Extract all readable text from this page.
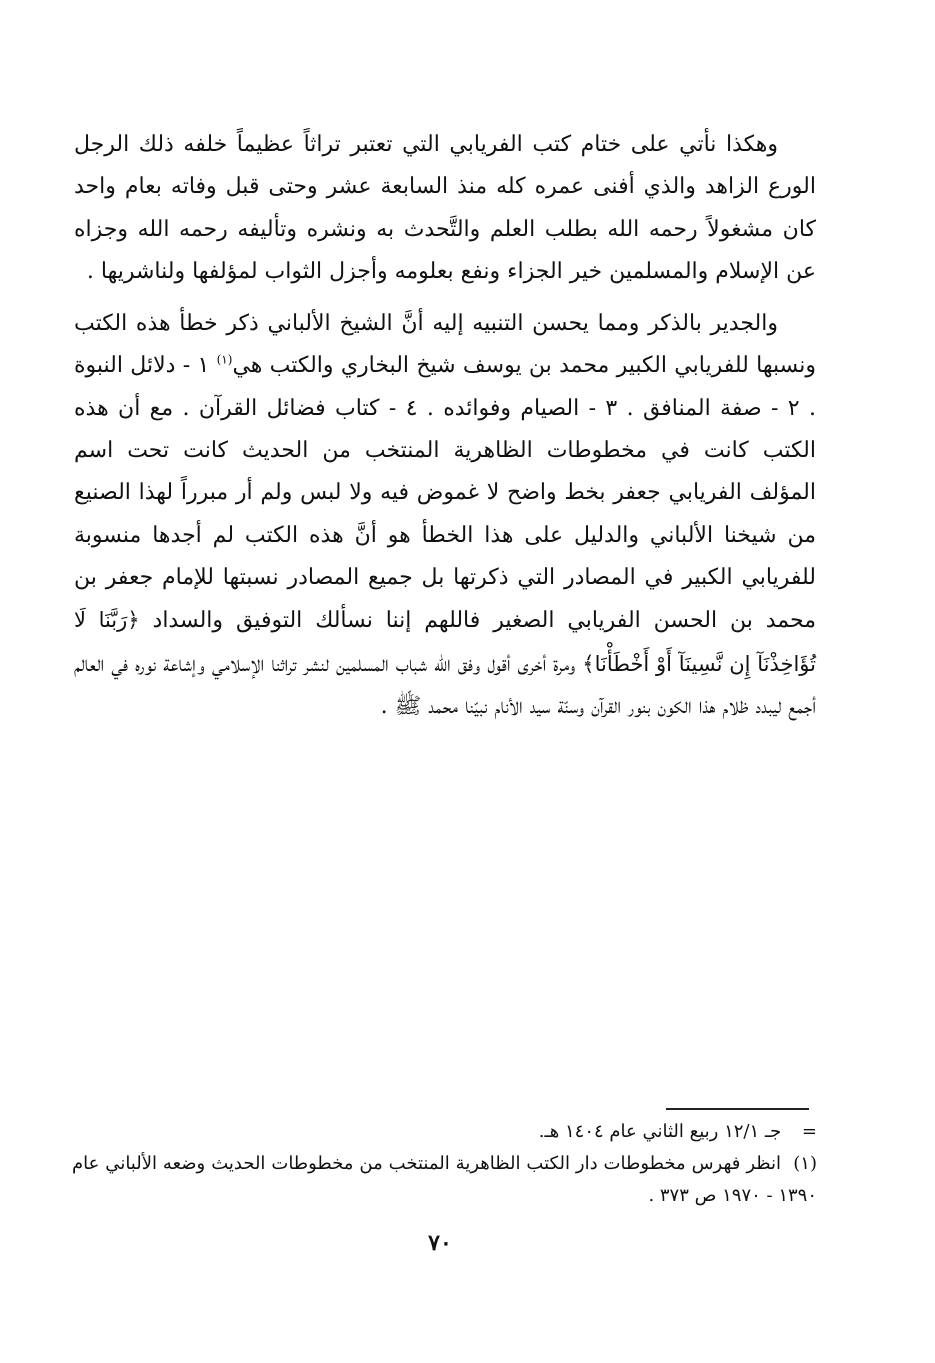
وهكذا نأتي على ختام كتب الفريابي التي تعتبر تراثاً عظيماً خلفه ذلك الرجل الورع الزاهد والذي أفنى عمره كله منذ السابعة عشر وحتى قبل وفاته بعام واحد كان مشغولاً رحمه الله بطلب العلم والتَّحدث به ونشره وتأليفه رحمه الله وجزاه عن الإسلام والمسلمين خير الجزاء ونفع بعلومه وأجزل الثواب لمؤلفها ولناشريها .

والجدير بالذكر ومما يحسن التنبيه إليه أنَّ الشيخ الألباني ذكر خطأ هذه الكتب ونسبها للفريابي الكبير محمد بن يوسف شيخ البخاري والكتب هي$^{(١)}$ ١ - دلائل النبوة . ٢ - صفة المنافق . ٣ - الصيام وفوائده . ٤ - كتاب فضائل القرآن . مع أن هذه الكتب كانت في مخطوطات الظاهرية المنتخب من الحديث كانت تحت اسم المؤلف الفريابي جعفر بخط واضح لا غموض فيه ولا لبس ولم أر مبرراً لهذا الصنيع من شيخنا الألباني والدليل على هذا الخطأ هو أنَّ هذه الكتب لم أجدها منسوبة للفريابي الكبير في المصادر التي ذكرتها بل جميع المصادر نسبتها للإمام جعفر بن محمد بن الحسن الفريابي الصغير فاللهم إننا نسألك التوفيق والسداد ﴿رَبَّنَا لَا تُؤَاخِذْنَآ إِن نَّسِينَآ أَوْ أَخْطَأْنَا﴾ ومرة أخرى أقول وفق الله شباب المسلمين لنشر تراثنا الإسلامي وإشاعة نوره في العالم أجمع ليبدد ظلام هذا الكون بنور القرآن وسنّة سيد الأنام نبيّنا محمد ﷺ .

= جـ ١٢/١ ربيع الثاني عام ١٤٠٤ هـ.

(١) انظر فهرس مخطوطات دار الكتب الظاهرية المنتخب من مخطوطات الحديث وضعه الألباني عام ١٣٩٠ - ١٩٧٠ ص ٣٧٣ .

٧٠
